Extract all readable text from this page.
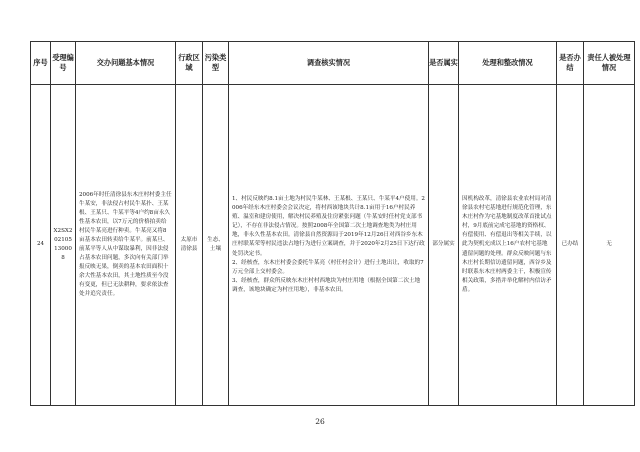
序号	受理编号	交办问题基本情况	行政区域	污染类型	调查核实情况	是否属实	处理和整改情况	是否办结	责任人被处理情况
24	X2SX202105130008	2006年时任清徐县东木庄村村委主任牛某安，非法侵占村民牛某扑、王某根、王某只、牛某平等4户约8亩永久性基本农田，以7万元的价格拍卖给村民牛某亮进行种卖。牛某亮又将8亩基本农田转卖给牛某平。前某旦、前某平等人从中谋取暴利，因非法侵占基本农田问题，多次向有关部门举报反映无果，倒卖的基本农田面积十余大性基本农田，其土地性质至今没有变更，但已无法耕种，要求依法查处并追究责任。	太原市清徐县	生态、土壤	1、村民反映约8.1亩土地为村民牛某林、王某根、王某只、牛某平4户使用。2006年经东木庄村委会会议决定，将村西该地块共计8.1亩用于16户村民养殖、温室和建房使用，解决村民养殖及住房紧张问题（牛某安时任村党支部书记），不存在非法侵占情况。按照2008年全国第二次土地调查地类为村庄用地，非永久性基本农田。清徐县自然资源局于2019年12月26日对西谷乡东木庄村联某荣等村民违法占地行为进行立案调查，并于2020年2月25日下达行政处罚决定书。

2、经核查，东木庄村委会委托牛某亮（村任村会计）进行土地出让，收取的7万元全部上交村委会。

3、经核查，群众所反映东木庄村村西地块为村庄用地（根据全国第二次土地调查，该地块确定为村庄用地），非基本农田。	部分属实	因机构改革，清徐县农业农村局对清徐县农村宅基地进行规范化管理，东木庄村作为宅基地制度改革首批试点村，9月底前完成宅基地的资格权、有偿使用、有偿退出等相关手续，以此为契机充成以上16户农村宅基地遗留问题的处理。群众反映问题与东木庄村长期信访遗留问题，西谷乡及时联系东木庄村两委主干，积极宣传相关政策，多措并举化解村内信访矛盾。	已办结	无
26
